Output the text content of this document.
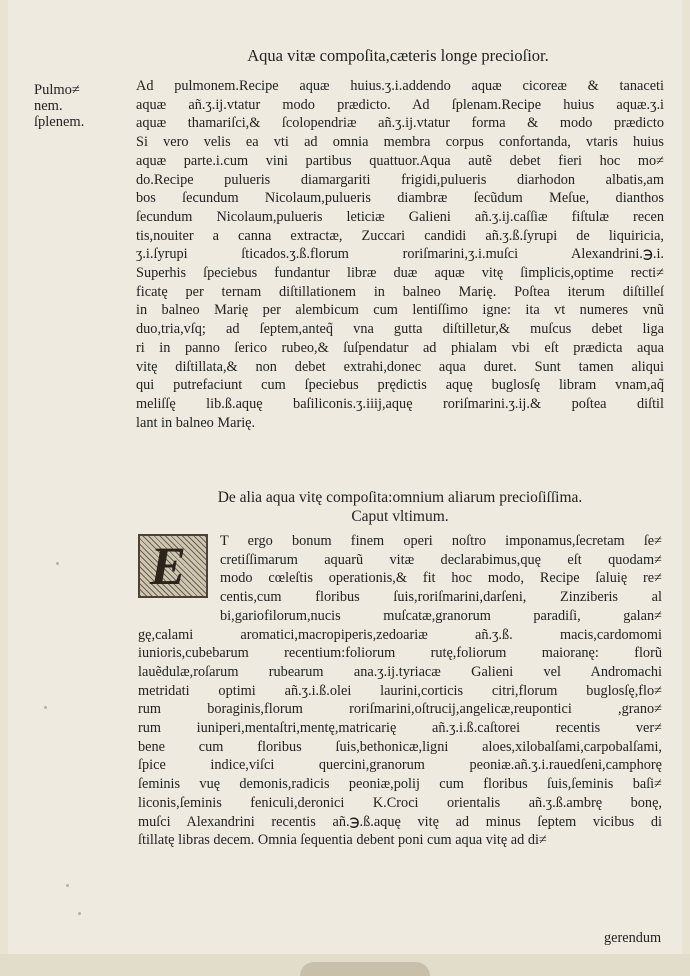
Aqua vitæ compoſita,cæteris longe precioſior.
Pulmo≠
nem.
ſplenem.
Ad pulmonem.Recipe aquæ huius.ʒ.i.addendo aquæ cicoreæ & tanaceti
aquæ añ.ʒ.ij.vtatur modo prædicto. Ad ſplenam.Recipe huius aquæ.ʒ.i
aquæ thamariſci,& ſcolopendriæ añ.ʒ.ij.vtatur forma & modo prædicto
Si vero velis ea vti ad omnia membra corpus confortanda, vtaris huius
aquæ parte.i.cum vini partibus quattuor.Aqua autẽ debet fieri hoc mo≠
do.Recipe pulueris diamargariti frigidi,pulueris diarhodon albatis,am
bos ſecundum Nicolaum,pulueris diambræ ſecũdum Meſue, dianthos
ſecundum Nicolaum,pulueris leticiæ Galieni añ.ʒ.ij.caſſiæ fiſtulæ recen
tis,nouiter a canna extractæ, Zuccari candidi añ.ʒ.ß.ſyrupi de liquiricia,
ʒ.i.ſyrupi ſticados.ʒ.ß.florum roriſmarini,ʒ.i.muſci Alexandrini.℈.i.
Superhis ſpeciebus fundantur libræ duæ aquæ vitę ſimplicis,optime recti≠
ficatę per ternam diſtillationem in balneo Marię. Poſtea iterum diſtilleſ
in balneo Marię per alembicum cum lentiſſimo igne: ita vt numeres vnũ
duo,tria,vſq; ad ſeptem,anteq̃ vna gutta diſtilletur,& muſcus debet liga
ri in panno ſerico rubeo,& ſuſpendatur ad phialam vbi eſt prædicta aqua
vitę diſtillata,& non debet extrahi,donec aqua duret. Sunt tamen aliqui
qui putrefaciunt cum ſpeciebus prędictis aquę buglosſę libram vnam,aq̃
meliſſę lib.ß.aquę baſiliconis.ʒ.iiij,aquę roriſmarini.ʒ.ij.& poſtea diſtil
lant in balneo Marię.
De alia aqua vitę compoſita:omnium aliarum precioſiſſima.
Caput vltimum.
E T ergo bonum finem operi noſtro imponamus,ſecretam ſe≠
cretiſſimarum aquarũ vitæ declarabimus,quę eſt quodam≠
modo cœleſtis operationis,& fit hoc modo, Recipe ſaluię re≠
centis,cum floribus ſuis,roriſmarini,darſeni, Zinziberis al
bi,gariofilorum,nucis muſcatæ,granorum paradiſi, galan≠
gę,calami aromatici,macropiperis,zedoariæ añ.ʒ.ß. macis,cardomomi
iunioris,cubebarum recentium:foliorum rutę,foliorum maioranę: florũ
lauẽdulæ,roſarum rubearum ana.ʒ.ij.tyriacæ Galieni vel Andromachi
metridati optimi añ.ʒ.i.ß.olei laurini,corticis citri,florum buglosſę,flo≠
rum boraginis,florum roriſmarini,oſtrucij,angelicæ,reupontici ,grano≠
rum iuniperi,mentaſtri,mentę,matricarię añ.ʒ.i.ß.caſtorei recentis ver≠
bene cum floribus ſuis,bethonicæ,ligni aloes,xilobalſami,carpobalſami,
ſpice indice,viſci quercini,granorum peoniæ.añ.ʒ.i.rauedſeni,camphorę
ſeminis vuę demonis,radicis peoniæ,polij cum floribus ſuis,ſeminis baſi≠
liconis,ſeminis feniculi,deronici K.Croci orientalis añ.ʒ.ß.ambrę bonę,
muſci Alexandrini recentis añ.℈.ß.aquę vitę ad minus ſeptem vicibus di
ſtillatę libras decem. Omnia ſequentia debent poni cum aqua vitę ad di≠
gerendum
